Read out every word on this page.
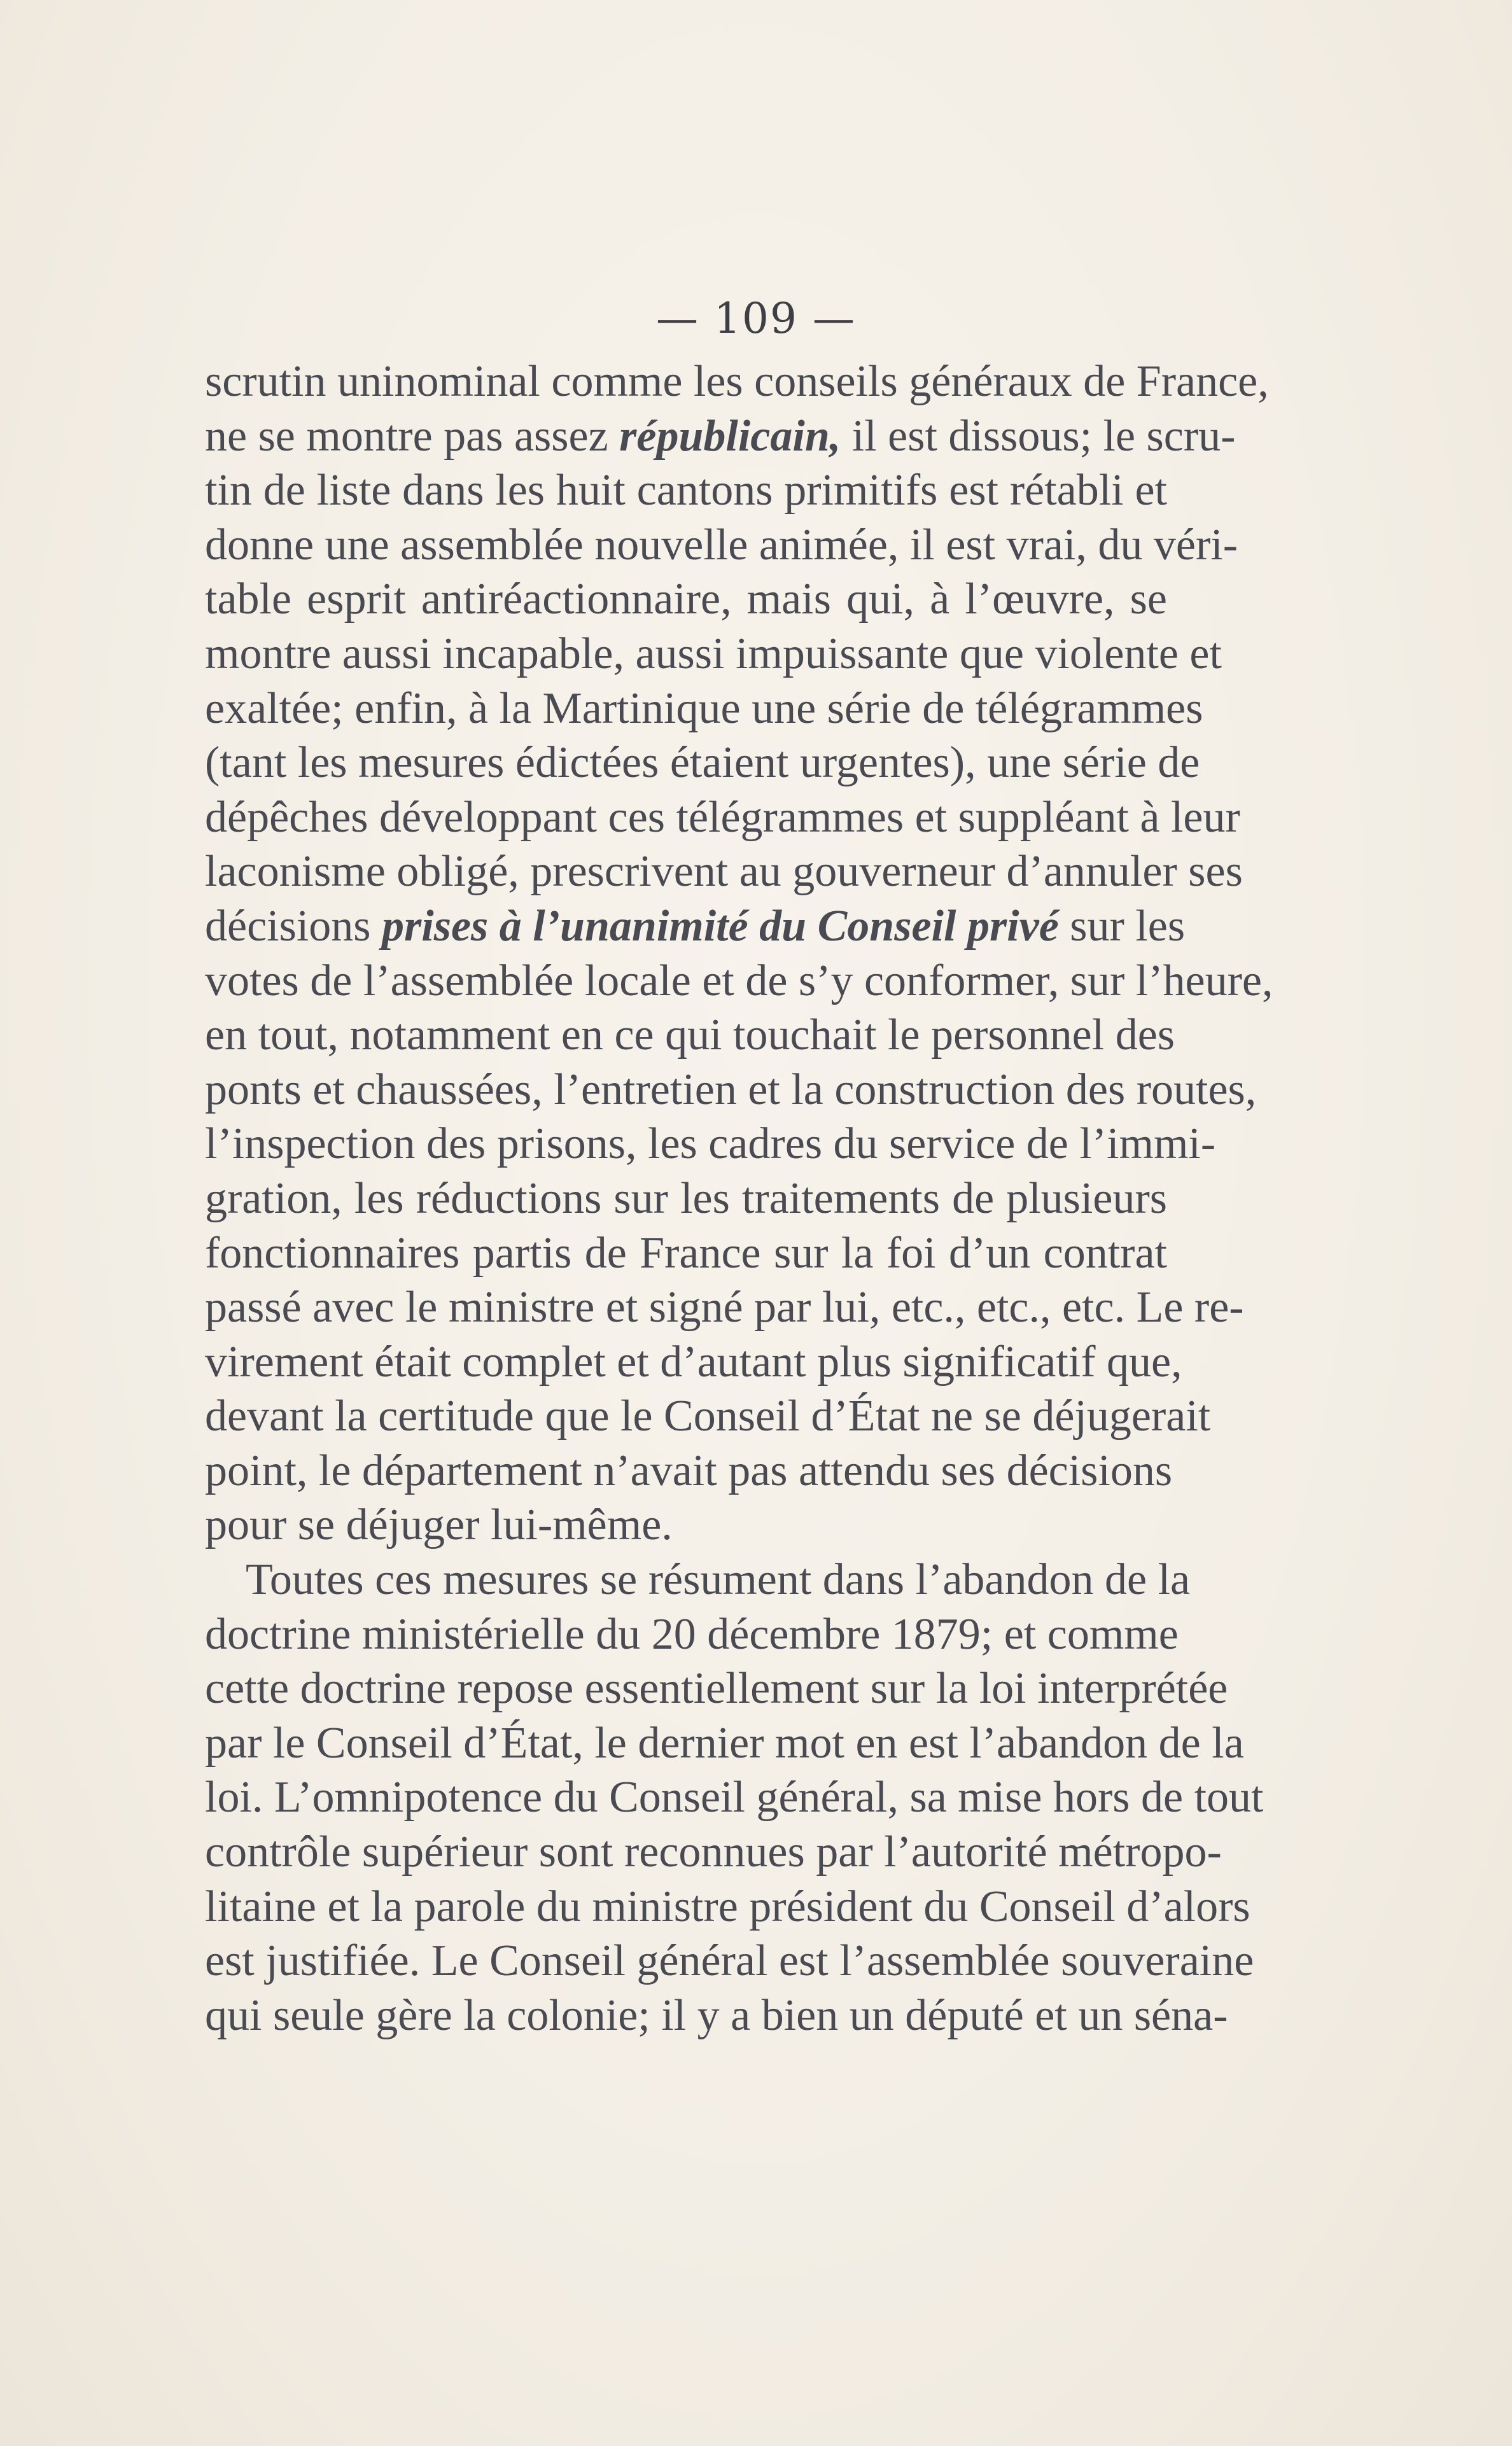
— 109 —
scrutin uninominal comme les conseils généraux de France,
ne se montre pas assez républicain, il est dissous; le scru-
tin de liste dans les huit cantons primitifs est rétabli et
donne une assemblée nouvelle animée, il est vrai, du véri-
table esprit antiréactionnaire, mais qui, à l’œuvre, se
montre aussi incapable, aussi impuissante que violente et
exaltée; enfin, à la Martinique une série de télégrammes
(tant les mesures édictées étaient urgentes), une série de
dépêches développant ces télégrammes et suppléant à leur
laconisme obligé, prescrivent au gouverneur d’annuler ses
décisions prises à l’unanimité du Conseil privé sur les
votes de l’assemblée locale et de s’y conformer, sur l’heure,
en tout, notamment en ce qui touchait le personnel des
ponts et chaussées, l’entretien et la construction des routes,
l’inspection des prisons, les cadres du service de l’immi-
gration, les réductions sur les traitements de plusieurs
fonctionnaires partis de France sur la foi d’un contrat
passé avec le ministre et signé par lui, etc., etc., etc. Le re-
virement était complet et d’autant plus significatif que,
devant la certitude que le Conseil d’État ne se déjugerait
point, le département n’avait pas attendu ses décisions
pour se déjuger lui-même.
Toutes ces mesures se résument dans l’abandon de la
doctrine ministérielle du 20 décembre 1879; et comme
cette doctrine repose essentiellement sur la loi interprétée
par le Conseil d’État, le dernier mot en est l’abandon de la
loi. L’omnipotence du Conseil général, sa mise hors de tout
contrôle supérieur sont reconnues par l’autorité métropo-
litaine et la parole du ministre président du Conseil d’alors
est justifiée. Le Conseil général est l’assemblée souveraine
qui seule gère la colonie; il y a bien un député et un séna-
